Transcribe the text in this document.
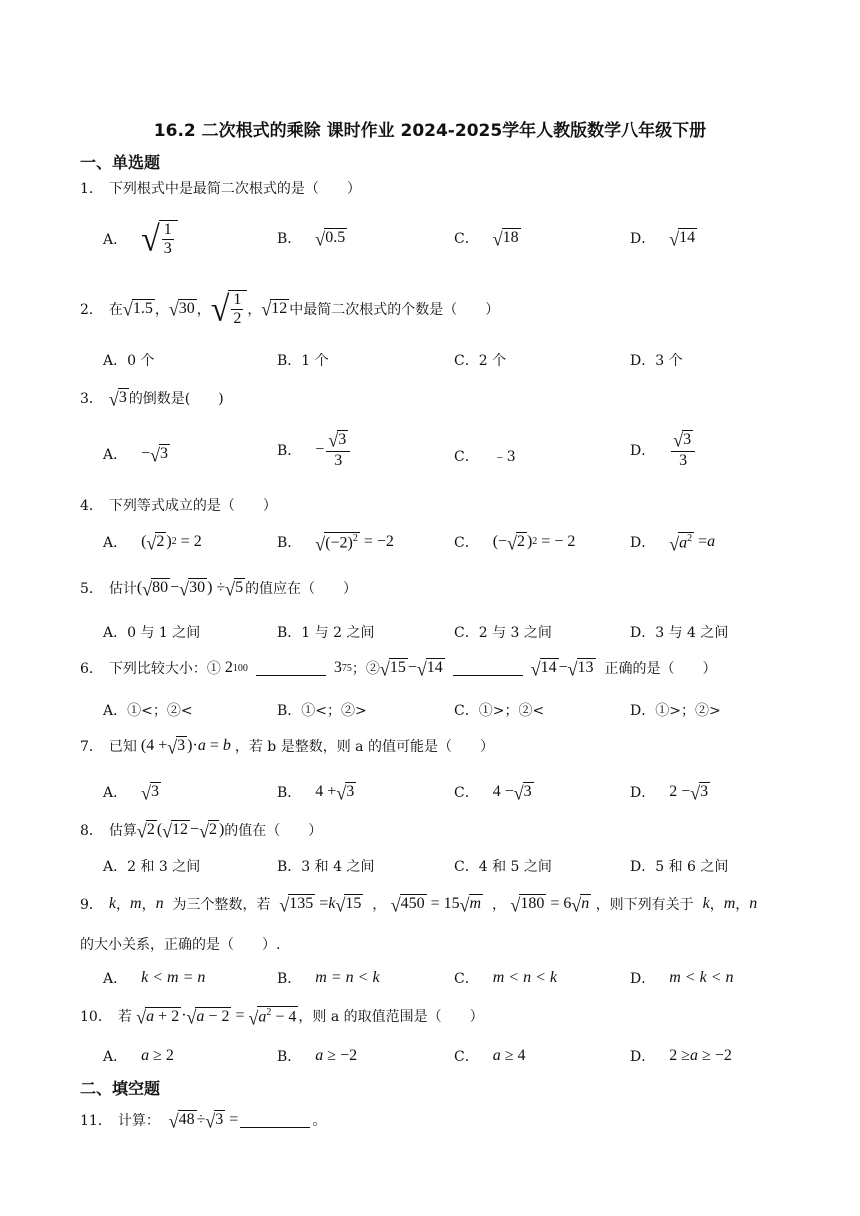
16.2 二次根式的乘除 课时作业 2024-2025学年人教版数学八年级下册
一、单选题
1． 下列根式中是最简二次根式的是（　　）
A． √ $\frac{1}{3}$	B． √ 0.5	C． √ 18	D． √ 14
2． 在 √ 1.5 ， √ 30 ， √ $\frac{1}{2}$ ， √ 12 中最简二次根式的个数是（　　）
A．0 个	B．1 个	C．2 个	D．3 个
3． √ 3 的倒数是(　　)
A． − √ 3	B． − $\frac{√ 3}{3}$	C． ﹣3	D． $\frac{√ 3}{3}$
4． 下列等式成立的是（　　）
A． ( √ 2 ) 2 = 2	B． √ $(-2)^2 = -2$	C． (− √ 2 ) 2 = − 2	D． √ $a^2 = a$
5． 估计 ( √ 80 − √ 30 ) ÷ √ 5 的值应在（　　）
A．0 与 1 之间	B．1 与 2 之间	C．2 与 3 之间	D．3 与 4 之间
6． 下列比较大小：① 2 100	3 75 ；② √ 15 − √ 14	√ 14 − √ 13
正确的是（　　）
A．①<；②<	B．①<；②>	C．①>；②<	D．①>；②>
7． 已知 (4 + √ 3 )· a = b
，若 b 是整数，则 a 的值可能是（　　）
A． √ 3	B． 4 + √ 3	C． 4 − √ 3	D． 2 − √ 3
8． 估算 √ 2 ( √ 12 − √ 2 ) 的值在（　　）
A．2 和 3 之间	B．3 和 4 之间	C．4 和 5 之间	D．5 和 6 之间
9． k ， m ， n
为三个整数，若
√ 135 = k √ 15 ， √ 450 = 15 √ m ， √ 180 = 6 √ n
，则下列有关于
k ， m ， n
的大小关系，正确的是（　　）.
A． k < m = n	B． m = n < k	C． m < n < k	D． m < k < n
10． 若
√ a + 2 · √ a − 2 = √ $a^2 - 4$ ，则 a 的取值范围是（　　）
A． a ≥ 2	B． a ≥ −2	C． a ≥ 4	D． 2 ≥ a ≥ −2
二、填空题
11． 计算：
√ 48 ÷ √ 3 =	。
